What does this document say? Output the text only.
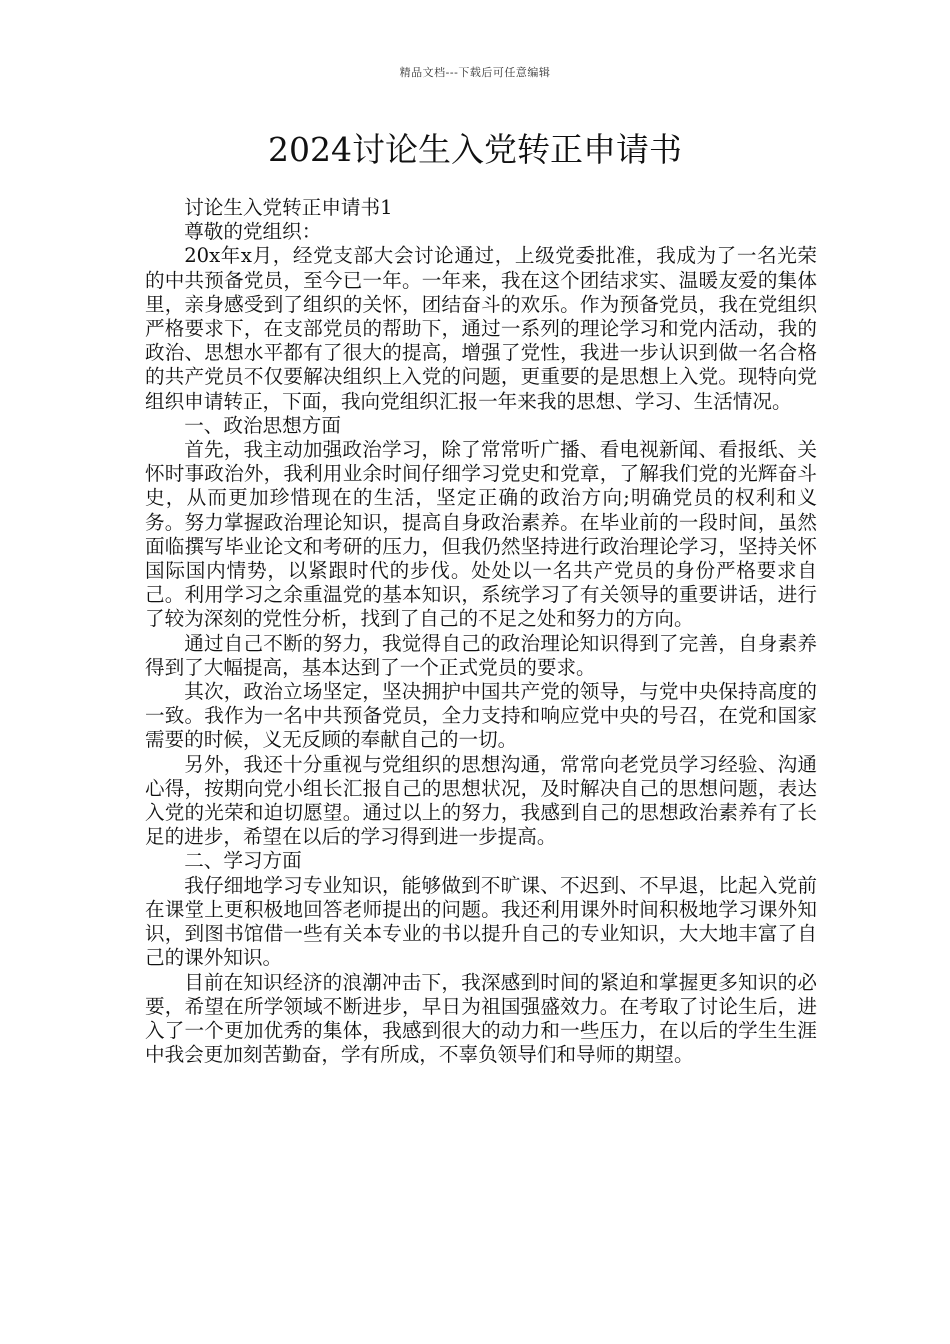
精品文档---下载后可任意编辑
2024讨论生入党转正申请书

讨论生入党转正申请书1

尊敬的党组织：

20x年x月，经党支部大会讨论通过，上级党委批准，我成为了一名光荣的中共预备党员，至今已一年。一年来，我在这个团结求实、温暖友爱的集体里，亲身感受到了组织的关怀，团结奋斗的欢乐。作为预备党员，我在党组织严格要求下，在支部党员的帮助下，通过一系列的理论学习和党内活动，我的政治、思想水平都有了很大的提高，增强了党性，我进一步认识到做一名合格的共产党员不仅要解决组织上入党的问题，更重要的是思想上入党。现特向党组织申请转正，下面，我向党组织汇报一年来我的思想、学习、生活情况。

一、政治思想方面

首先，我主动加强政治学习，除了常常听广播、看电视新闻、看报纸、关怀时事政治外，我利用业余时间仔细学习党史和党章，了解我们党的光辉奋斗史，从而更加珍惜现在的生活，坚定正确的政治方向;明确党员的权利和义务。努力掌握政治理论知识，提高自身政治素养。在毕业前的一段时间，虽然面临撰写毕业论文和考研的压力，但我仍然坚持进行政治理论学习，坚持关怀国际国内情势，以紧跟时代的步伐。处处以一名共产党员的身份严格要求自己。利用学习之余重温党的基本知识，系统学习了有关领导的重要讲话，进行了较为深刻的党性分析，找到了自己的不足之处和努力的方向。

通过自己不断的努力，我觉得自己的政治理论知识得到了完善，自身素养得到了大幅提高，基本达到了一个正式党员的要求。

其次，政治立场坚定，坚决拥护中国共产党的领导，与党中央保持高度的一致。我作为一名中共预备党员，全力支持和响应党中央的号召，在党和国家需要的时候，义无反顾的奉献自己的一切。

另外，我还十分重视与党组织的思想沟通，常常向老党员学习经验、沟通心得，按期向党小组长汇报自己的思想状况，及时解决自己的思想问题，表达入党的光荣和迫切愿望。通过以上的努力，我感到自己的思想政治素养有了长足的进步，希望在以后的学习得到进一步提高。

二、学习方面

我仔细地学习专业知识，能够做到不旷课、不迟到、不早退，比起入党前在课堂上更积极地回答老师提出的问题。我还利用课外时间积极地学习课外知识，到图书馆借一些有关本专业的书以提升自己的专业知识，大大地丰富了自己的课外知识。

目前在知识经济的浪潮冲击下，我深感到时间的紧迫和掌握更多知识的必要，希望在所学领域不断进步，早日为祖国强盛效力。在考取了讨论生后，进入了一个更加优秀的集体，我感到很大的动力和一些压力，在以后的学生生涯中我会更加刻苦勤奋，学有所成，不辜负领导们和导师的期望。
